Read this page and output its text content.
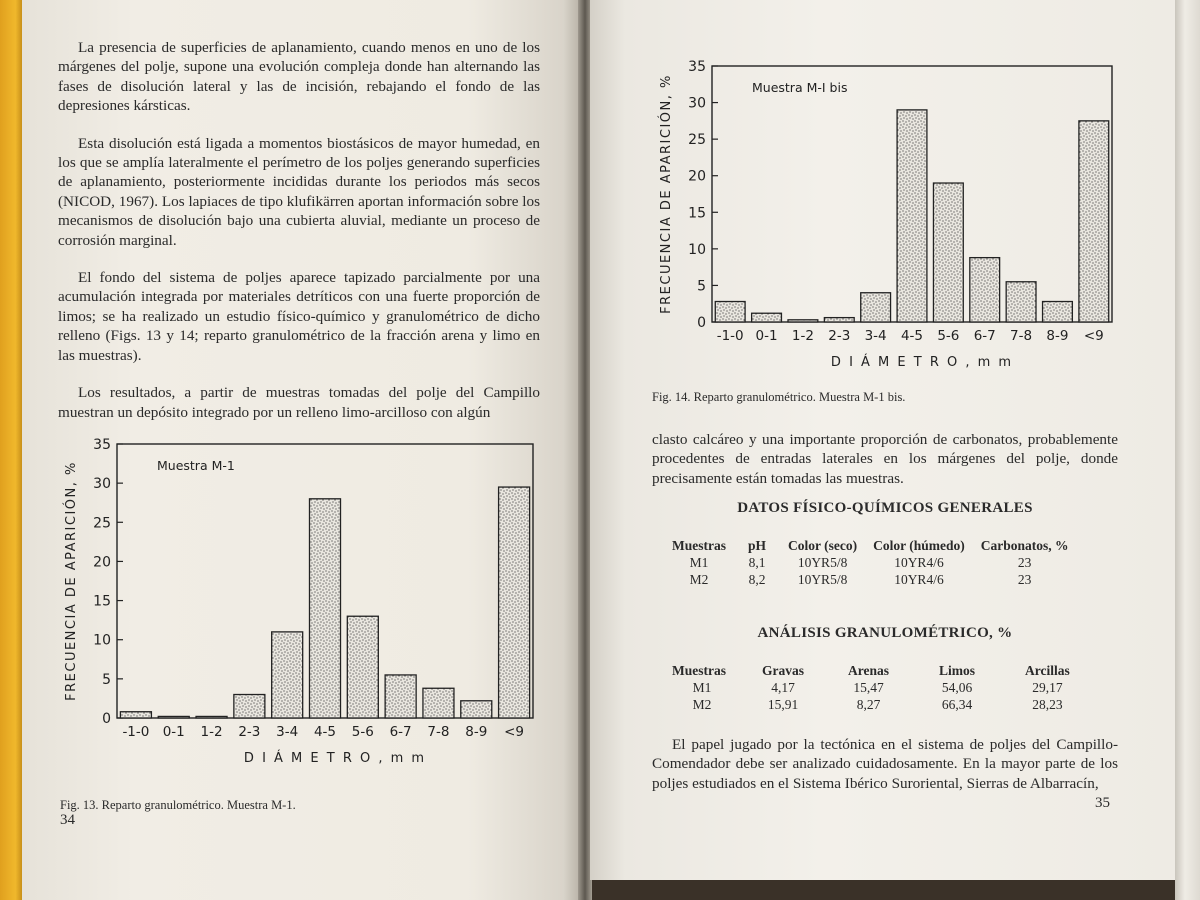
La presencia de superficies de aplanamiento, cuando menos en uno de los márgenes del polje, supone una evolución compleja donde han alternando las fases de disolución lateral y las de incisión, rebajando el fondo de las depresiones kársticas.

Esta disolución está ligada a momentos biostásicos de mayor humedad, en los que se amplía lateralmente el perímetro de los poljes generando superficies de aplanamiento, posteriormente incididas durante los periodos más secos (NICOD, 1967). Los lapiaces de tipo klufikärren aportan información sobre los mecanismos de disolución bajo una cubierta aluvial, mediante un proceso de corrosión marginal.

El fondo del sistema de poljes aparece tapizado parcialmente por una acumulación integrada por materiales detríticos con una fuerte proporción de limos; se ha realizado un estudio físico-químico y granulométrico de dicho relleno (Figs. 13 y 14; reparto granulométrico de la fracción arena y limo en las muestras).

Los resultados, a partir de muestras tomadas del polje del Campillo muestran un depósito integrado por un relleno limo-arcilloso con algún

Muestra M-1
0
5
10
15
20
25
30
35
-1-0 0-1 1-2 2-3 3-4 4-5 5-6 6-7 7-8 8-9 <9
D I Á M E T R O , m m
FRECUENCIA DE APARICIÓN, %
Fig. 13. Reparto granulométrico. Muestra M-1.
34
Muestra M-I bis
0
5
10
15
20
25
30
35
-1-0 0-1 1-2 2-3 3-4 4-5 5-6 6-7 7-8 8-9 <9
D I Á M E T R O , m m
FRECUENCIA DE APARICIÓN, %
Fig. 14. Reparto granulométrico. Muestra M-1 bis.

clasto calcáreo y una importante proporción de carbonatos, probablemente procedentes de entradas laterales en los márgenes del polje, donde precisamente están tomadas las muestras.

DATOS FÍSICO-QUÍMICOS GENERALES
Muestras	pH	Color (seco)	Color (húmedo)	Carbonatos, %
M1	8,1	10YR5/8	10YR4/6	23
M2	8,2	10YR5/8	10YR4/6	23
ANÁLISIS GRANULOMÉTRICO, %
Muestras	Gravas	Arenas	Limos	Arcillas
M1	4,17	15,47	54,06	29,17
M2	15,91	8,27	66,34	28,23

El papel jugado por la tectónica en el sistema de poljes del Campillo-Comendador debe ser analizado cuidadosamente. En la mayor parte de los poljes estudiados en el Sistema Ibérico Suroriental, Sierras de Albarracín,

35
